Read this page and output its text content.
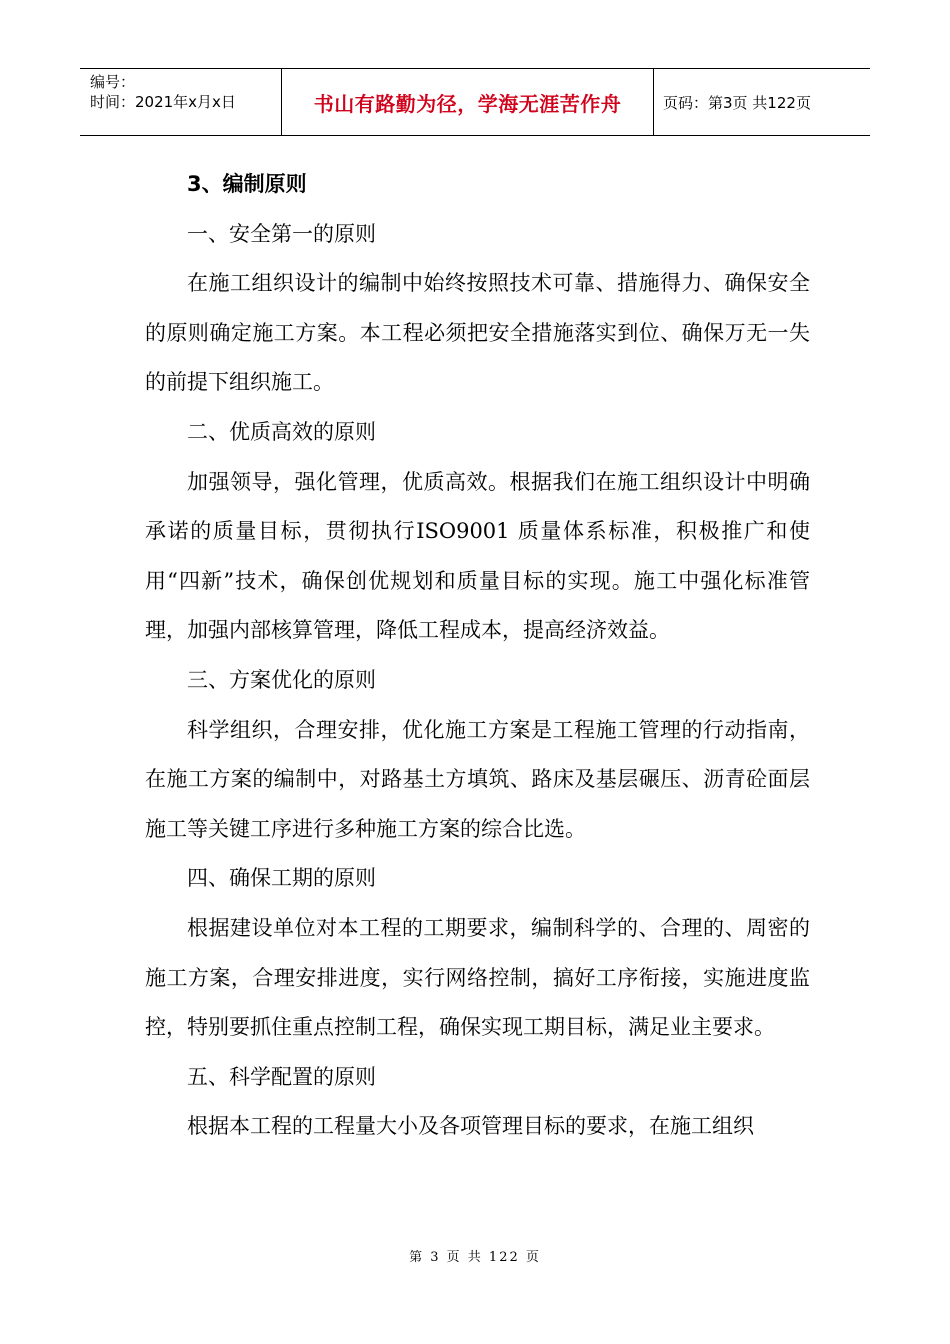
编号：
时间：2021年x月x日	书山有路勤为径，学海无涯苦作舟	页码：第3页 共122页

3、编制原则

一、安全第一的原则

在施工组织设计的编制中始终按照技术可靠、措施得力、确保安全的原则确定施工方案。本工程必须把安全措施落实到位、确保万无一失的前提下组织施工。

二、优质高效的原则

加强领导，强化管理，优质高效。根据我们在施工组织设计中明确承诺的质量目标，贯彻执行ISO9001 质量体系标准，积极推广和使用“四新”技术，确保创优规划和质量目标的实现。施工中强化标准管理，加强内部核算管理，降低工程成本，提高经济效益。

三、方案优化的原则

科学组织，合理安排，优化施工方案是工程施工管理的行动指南，在施工方案的编制中，对路基土方填筑、路床及基层碾压、沥青砼面层施工等关键工序进行多种施工方案的综合比选。

四、确保工期的原则

根据建设单位对本工程的工期要求，编制科学的、合理的、周密的施工方案，合理安排进度，实行网络控制，搞好工序衔接，实施进度监控，特别要抓住重点控制工程，确保实现工期目标，满足业主要求。

五、科学配置的原则

根据本工程的工程量大小及各项管理目标的要求，在施工组织

第 3 页 共 122 页
